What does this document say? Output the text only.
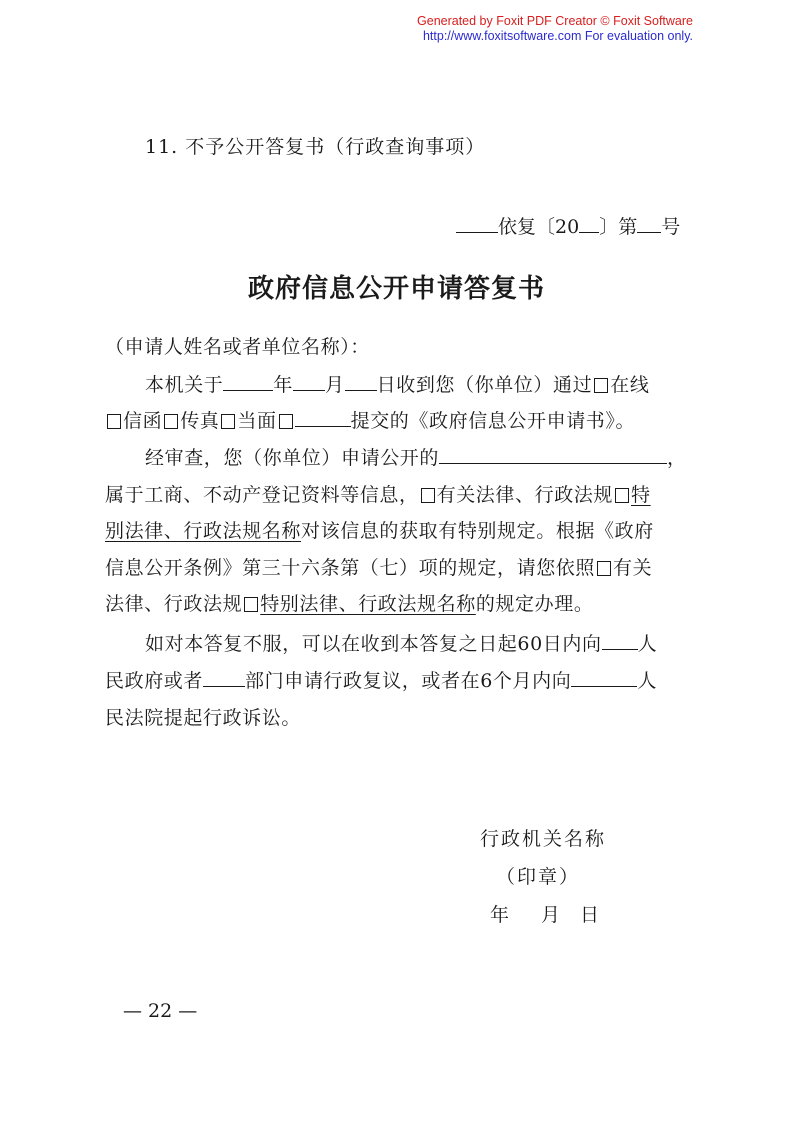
Generated by Foxit PDF Creator © Foxit Software
http://www.foxitsoftware.com For evaluation only.
11. 不予公开答复书（行政查询事项）
依复〔20 〕第 号
政府信息公开申请答复书
（申请人姓名或者单位名称）：
本机关于	年 月 日收到您（你单位）通过 在线
信函 传真 当面	提交的《政府信息公开申请书》。
经审查，您（你单位）申请公开的	，
属于工商、不动产登记资料等信息， 有关法律、行政法规 特
别法律、行政法规名称对该信息的获取有特别规定。根据《政府
信息公开条例》第三十六条第（七）项的规定，请您依照 有关
法律、行政法规 特别法律、行政法规名称的规定办理。
如对本答复不服，可以在收到本答复之日起60日内向 人
民政府或者 部门申请行政复议，或者在6个月内向	人
民法院提起行政诉讼。
行政机关名称
（印章）
年 月 日
— 22 —
